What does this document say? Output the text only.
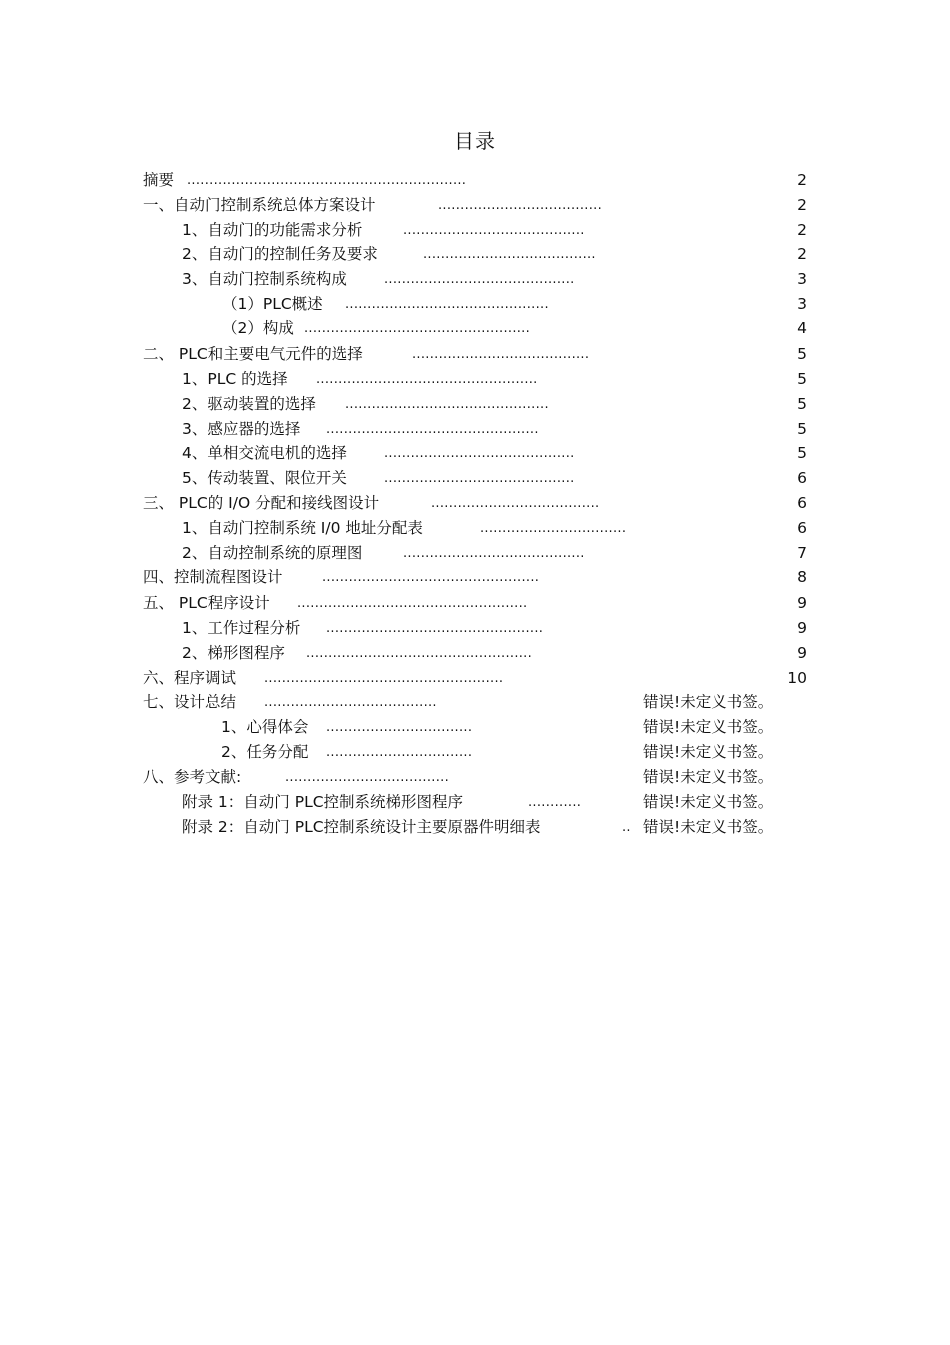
目录
摘要 ...............................................................	2
一、自动门控制系统总体方案设计	.....................................	2
1、自动门的功能需求分析	.........................................	2
2、自动门的控制任务及要求	.......................................	2
3、自动门控制系统构成	...........................................	3
（1）PLC概述 ..............................................	3
（2）构成 ...................................................	4
二、 PLC和主要电气元件的选择	........................................	5
1、PLC 的选择 ..................................................	5
2、驱动装置的选择 ..............................................	5
3、感应器的选择 ................................................	5
4、单相交流电机的选择	...........................................	5
5、传动装置、限位开关	...........................................	6
三、 PLC的 I/O 分配和接线图设计	......................................	6
1、自动门控制系统 I/0 地址分配表	.................................	6
2、自动控制系统的原理图	.........................................	7
四、控制流程图设计	.................................................	8
五、 PLC程序设计 ....................................................	9
1、工作过程分析 .................................................	9
2、梯形图程序 ...................................................	9
六、程序调试 ......................................................	10
七、设计总结 .......................................	错误!未定义书签。
1、心得体会 .................................	错误!未定义书签。
2、任务分配 .................................	错误!未定义书签。
八、参考文献:	.....................................	错误!未定义书签。
附录 1：自动门 PLC控制系统梯形图程序	............	错误!未定义书签。
附录 2：自动门 PLC控制系统设计主要原器件明细表	.. 错误!未定义书签。
